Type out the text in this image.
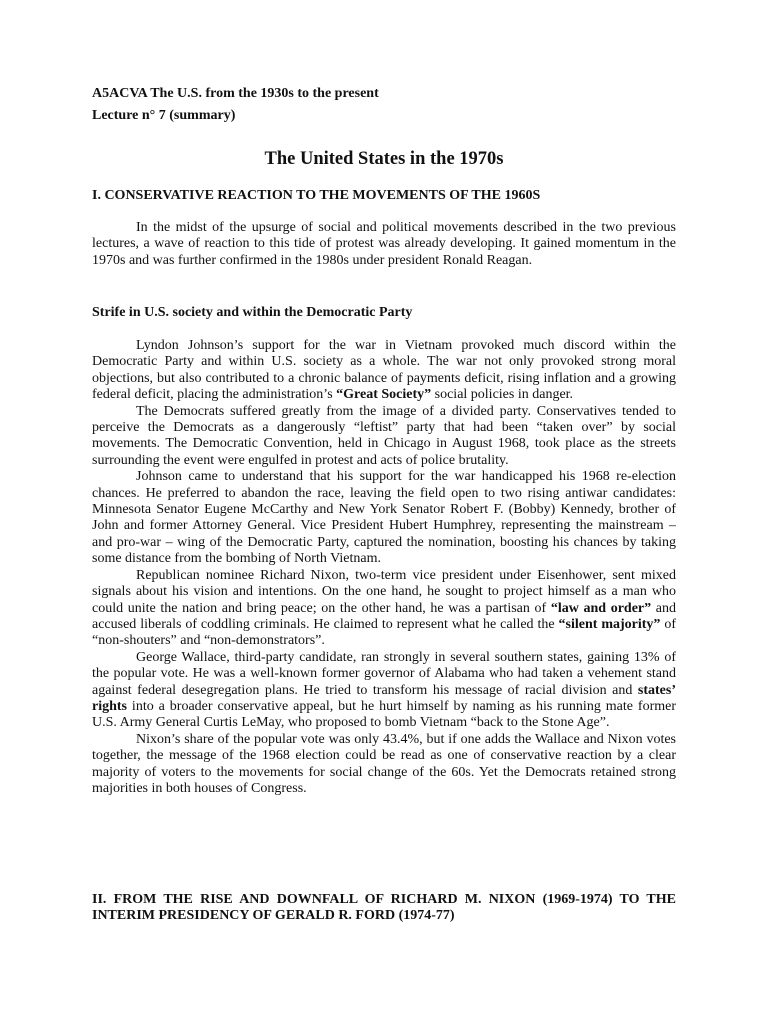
A5ACVA The U.S. from the 1930s to the present
Lecture n° 7 (summary)
The United States in the 1970s
I. CONSERVATIVE REACTION TO THE MOVEMENTS OF THE 1960S

In the midst of the upsurge of social and political movements described in the two previous lectures, a wave of reaction to this tide of protest was already developing. It gained momentum in the 1970s and was further confirmed in the 1980s under president Ronald Reagan.

Strife in U.S. society and within the Democratic Party

Lyndon Johnson’s support for the war in Vietnam provoked much discord within the Democratic Party and within U.S. society as a whole. The war not only provoked strong moral objections, but also contributed to a chronic balance of payments deficit, rising inflation and a growing federal deficit, placing the administration’s “Great Society” social policies in danger.

The Democrats suffered greatly from the image of a divided party. Conservatives tended to perceive the Democrats as a dangerously “leftist” party that had been “taken over” by social movements. The Democratic Convention, held in Chicago in August 1968, took place as the streets surrounding the event were engulfed in protest and acts of police brutality.

Johnson came to understand that his support for the war handicapped his 1968 re-election chances. He preferred to abandon the race, leaving the field open to two rising antiwar candidates: Minnesota Senator Eugene McCarthy and New York Senator Robert F. (Bobby) Kennedy, brother of John and former Attorney General. Vice President Hubert Humphrey, representing the mainstream – and pro-war – wing of the Democratic Party, captured the nomination, boosting his chances by taking some distance from the bombing of North Vietnam.

Republican nominee Richard Nixon, two-term vice president under Eisenhower, sent mixed signals about his vision and intentions. On the one hand, he sought to project himself as a man who could unite the nation and bring peace; on the other hand, he was a partisan of “law and order” and accused liberals of coddling criminals. He claimed to represent what he called the “silent majority” of “non-shouters” and “non-demonstrators”.

George Wallace, third-party candidate, ran strongly in several southern states, gaining 13% of the popular vote. He was a well-known former governor of Alabama who had taken a vehement stand against federal desegregation plans. He tried to transform his message of racial division and states’ rights into a broader conservative appeal, but he hurt himself by naming as his running mate former U.S. Army General Curtis LeMay, who proposed to bomb Vietnam “back to the Stone Age”.

Nixon’s share of the popular vote was only 43.4%, but if one adds the Wallace and Nixon votes together, the message of the 1968 election could be read as one of conservative reaction by a clear majority of voters to the movements for social change of the 60s. Yet the Democrats retained strong majorities in both houses of Congress.

II. FROM THE RISE AND DOWNFALL OF RICHARD M. NIXON (1969-1974) TO THE INTERIM PRESIDENCY OF GERALD R. FORD (1974-77)
